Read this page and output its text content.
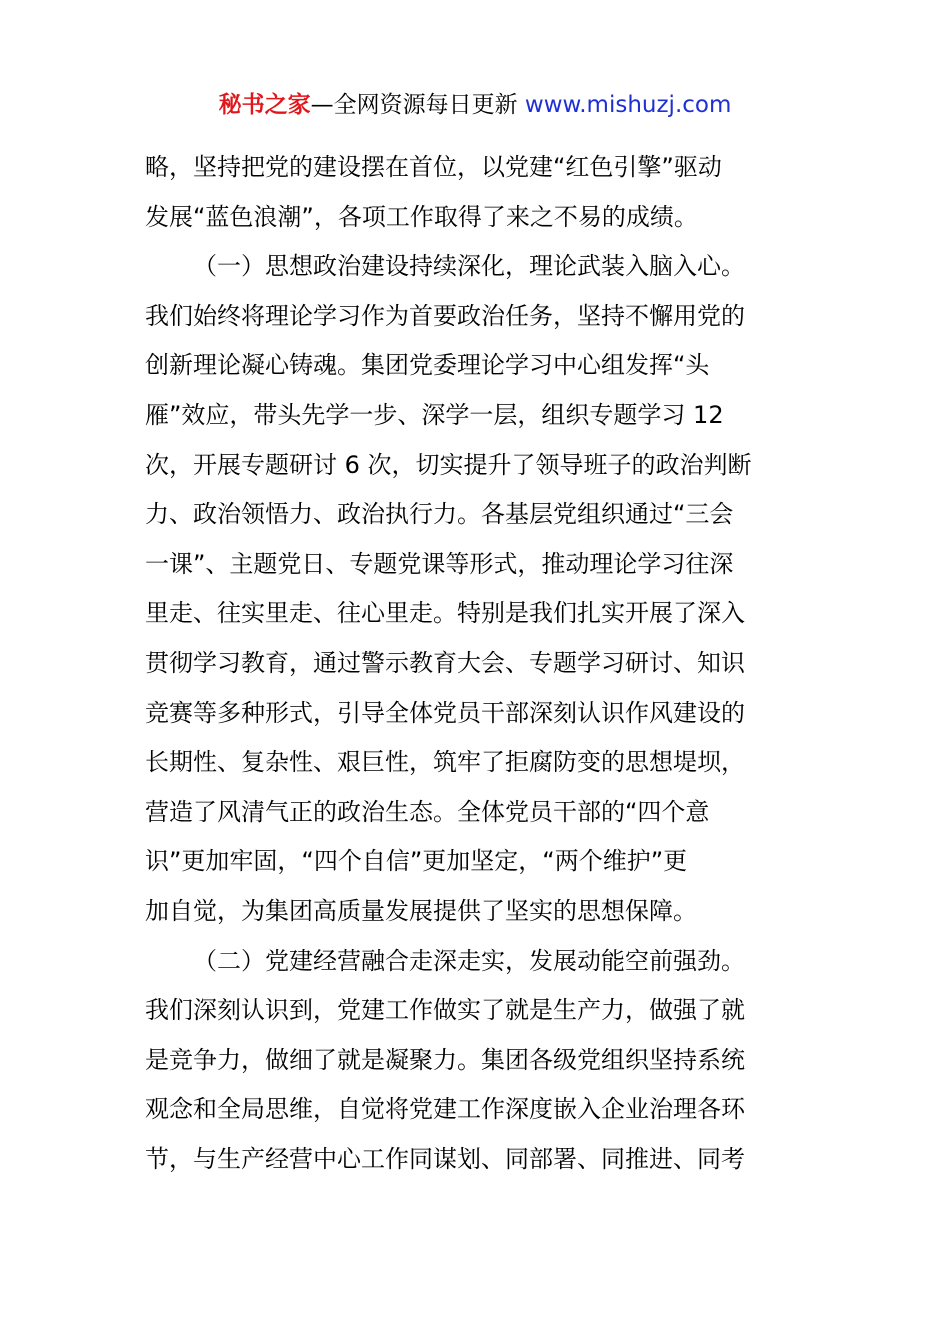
秘书之家—全网资源每日更新 www.mishuzj.com
略，坚持把党的建设摆在首位，以党建“红色引擎”驱动
发展“蓝色浪潮”，各项工作取得了来之不易的成绩。
（一）思想政治建设持续深化，理论武装入脑入心。
我们始终将理论学习作为首要政治任务，坚持不懈用党的
创新理论凝心铸魂。集团党委理论学习中心组发挥“头
雁”效应，带头先学一步、深学一层，组织专题学习 12
次，开展专题研讨 6 次，切实提升了领导班子的政治判断
力、政治领悟力、政治执行力。各基层党组织通过“三会
一课”、主题党日、专题党课等形式，推动理论学习往深
里走、往实里走、往心里走。特别是我们扎实开展了深入
贯彻学习教育，通过警示教育大会、专题学习研讨、知识
竞赛等多种形式，引导全体党员干部深刻认识作风建设的
长期性、复杂性、艰巨性，筑牢了拒腐防变的思想堤坝，
营造了风清气正的政治生态。全体党员干部的“四个意
识”更加牢固，“四个自信”更加坚定，“两个维护”更
加自觉，为集团高质量发展提供了坚实的思想保障。
（二）党建经营融合走深走实，发展动能空前强劲。
我们深刻认识到，党建工作做实了就是生产力，做强了就
是竞争力，做细了就是凝聚力。集团各级党组织坚持系统
观念和全局思维，自觉将党建工作深度嵌入企业治理各环
节，与生产经营中心工作同谋划、同部署、同推进、同考
